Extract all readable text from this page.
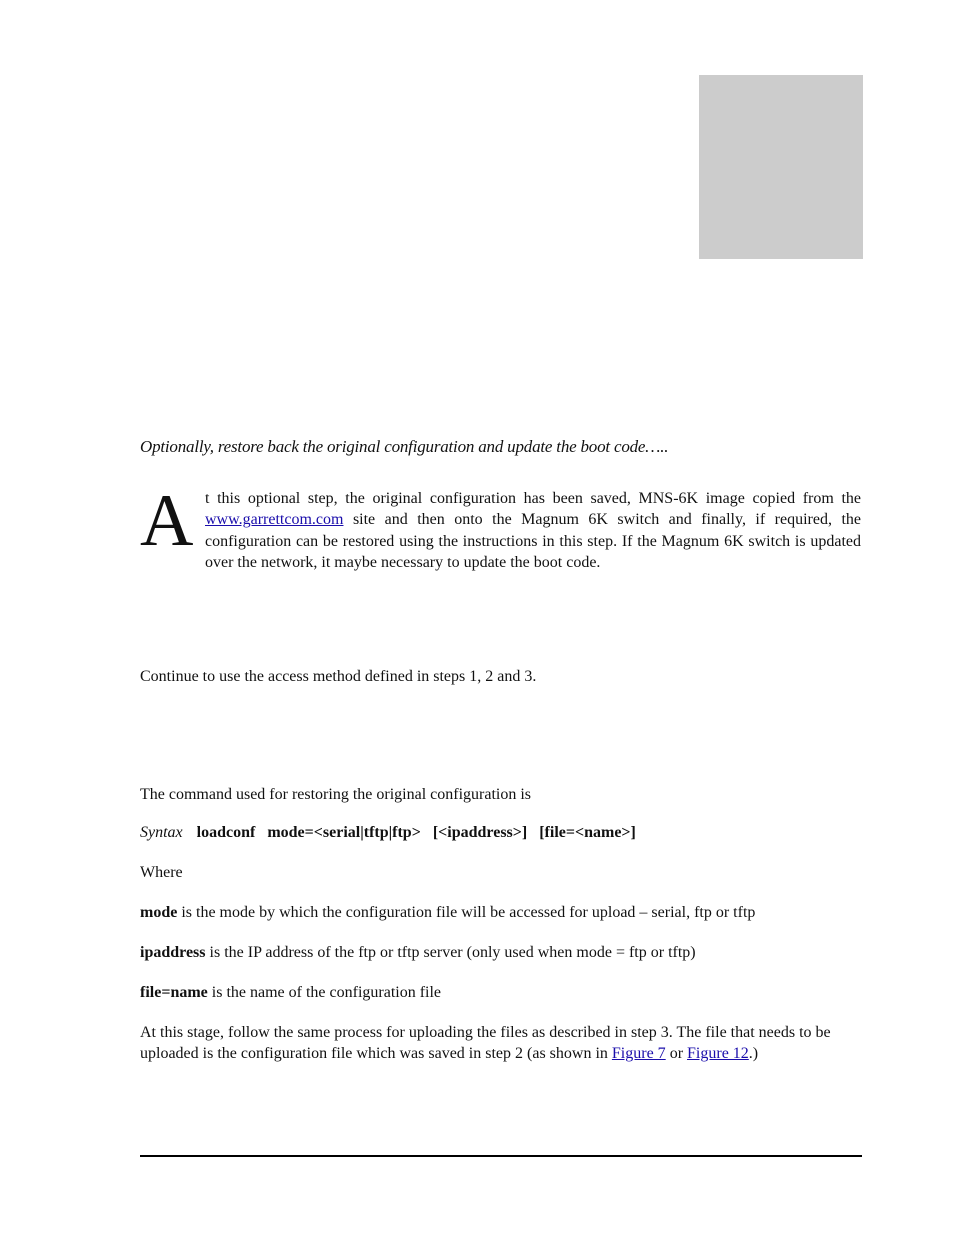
Optionally, restore back the original configuration and update the boot code…..

A t this optional step, the original configuration has been saved, MNS-6K image copied from the www.garrettcom.com site and then onto the Magnum 6K switch and finally, if required, the configuration can be restored using the instructions in this step. If the Magnum 6K switch is updated over the network, it maybe necessary to update the boot code.

Continue to use the access method defined in steps 1, 2 and 3.

The command used for restoring the original configuration is

Syntax loadconf   mode=<serial|tftp|ftp>   [<ipaddress>]   [file=<name>]

Where

mode is the mode by which the configuration file will be accessed for upload – serial, ftp or tftp

ipaddress is the IP address of the ftp or tftp server (only used when mode = ftp or tftp)

file=name is the name of the configuration file

At this stage, follow the same process for uploading the files as described in step 3. The file that needs to be uploaded is the configuration file which was saved in step 2 (as shown in Figure 7 or Figure 12.)
